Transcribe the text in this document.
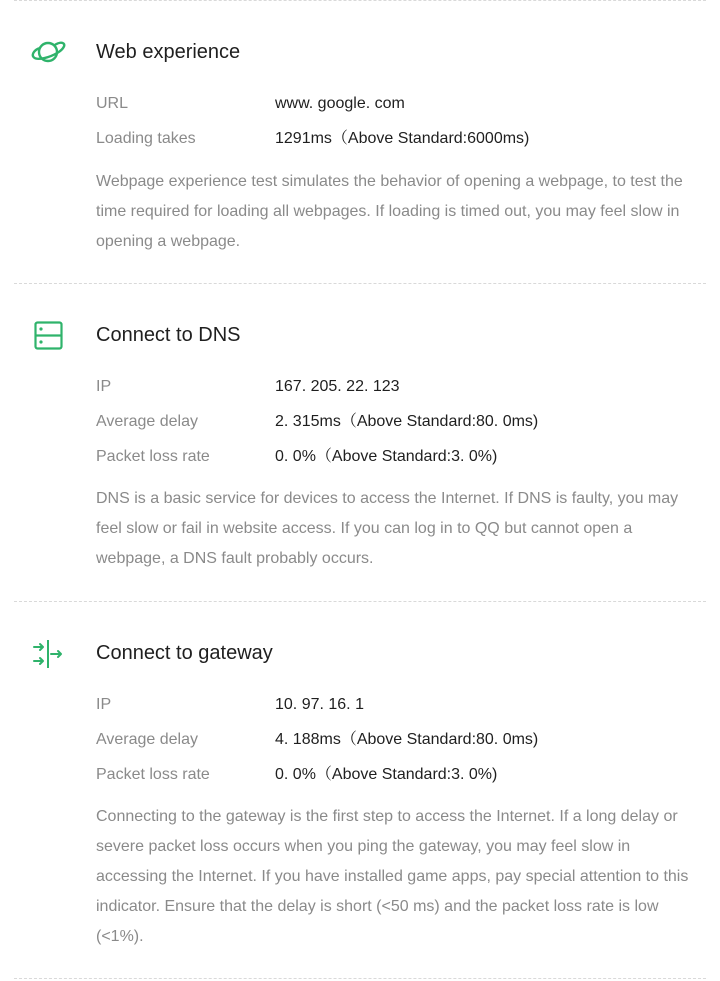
Web experience
URL	www. google. com
Loading takes	1291ms（Above Standard:6000ms)
Webpage experience test simulates the behavior of opening a webpage, to test the time required for loading all webpages. If loading is timed out, you may feel slow in opening a webpage.
Connect to DNS
IP	167. 205. 22. 123
Average delay	2. 315ms（Above Standard:80. 0ms)
Packet loss rate	0. 0%（Above Standard:3. 0%)
DNS is a basic service for devices to access the Internet. If DNS is faulty, you may feel slow or fail in website access. If you can log in to QQ but cannot open a webpage, a DNS fault probably occurs.
Connect to gateway
IP	10. 97. 16. 1
Average delay	4. 188ms（Above Standard:80. 0ms)
Packet loss rate	0. 0%（Above Standard:3. 0%)
Connecting to the gateway is the first step to access the Internet. If a long delay or severe packet loss occurs when you ping the gateway, you may feel slow in accessing the Internet. If you have installed game apps, pay special attention to this indicator. Ensure that the delay is short (<50 ms) and the packet loss rate is low (<1%).
